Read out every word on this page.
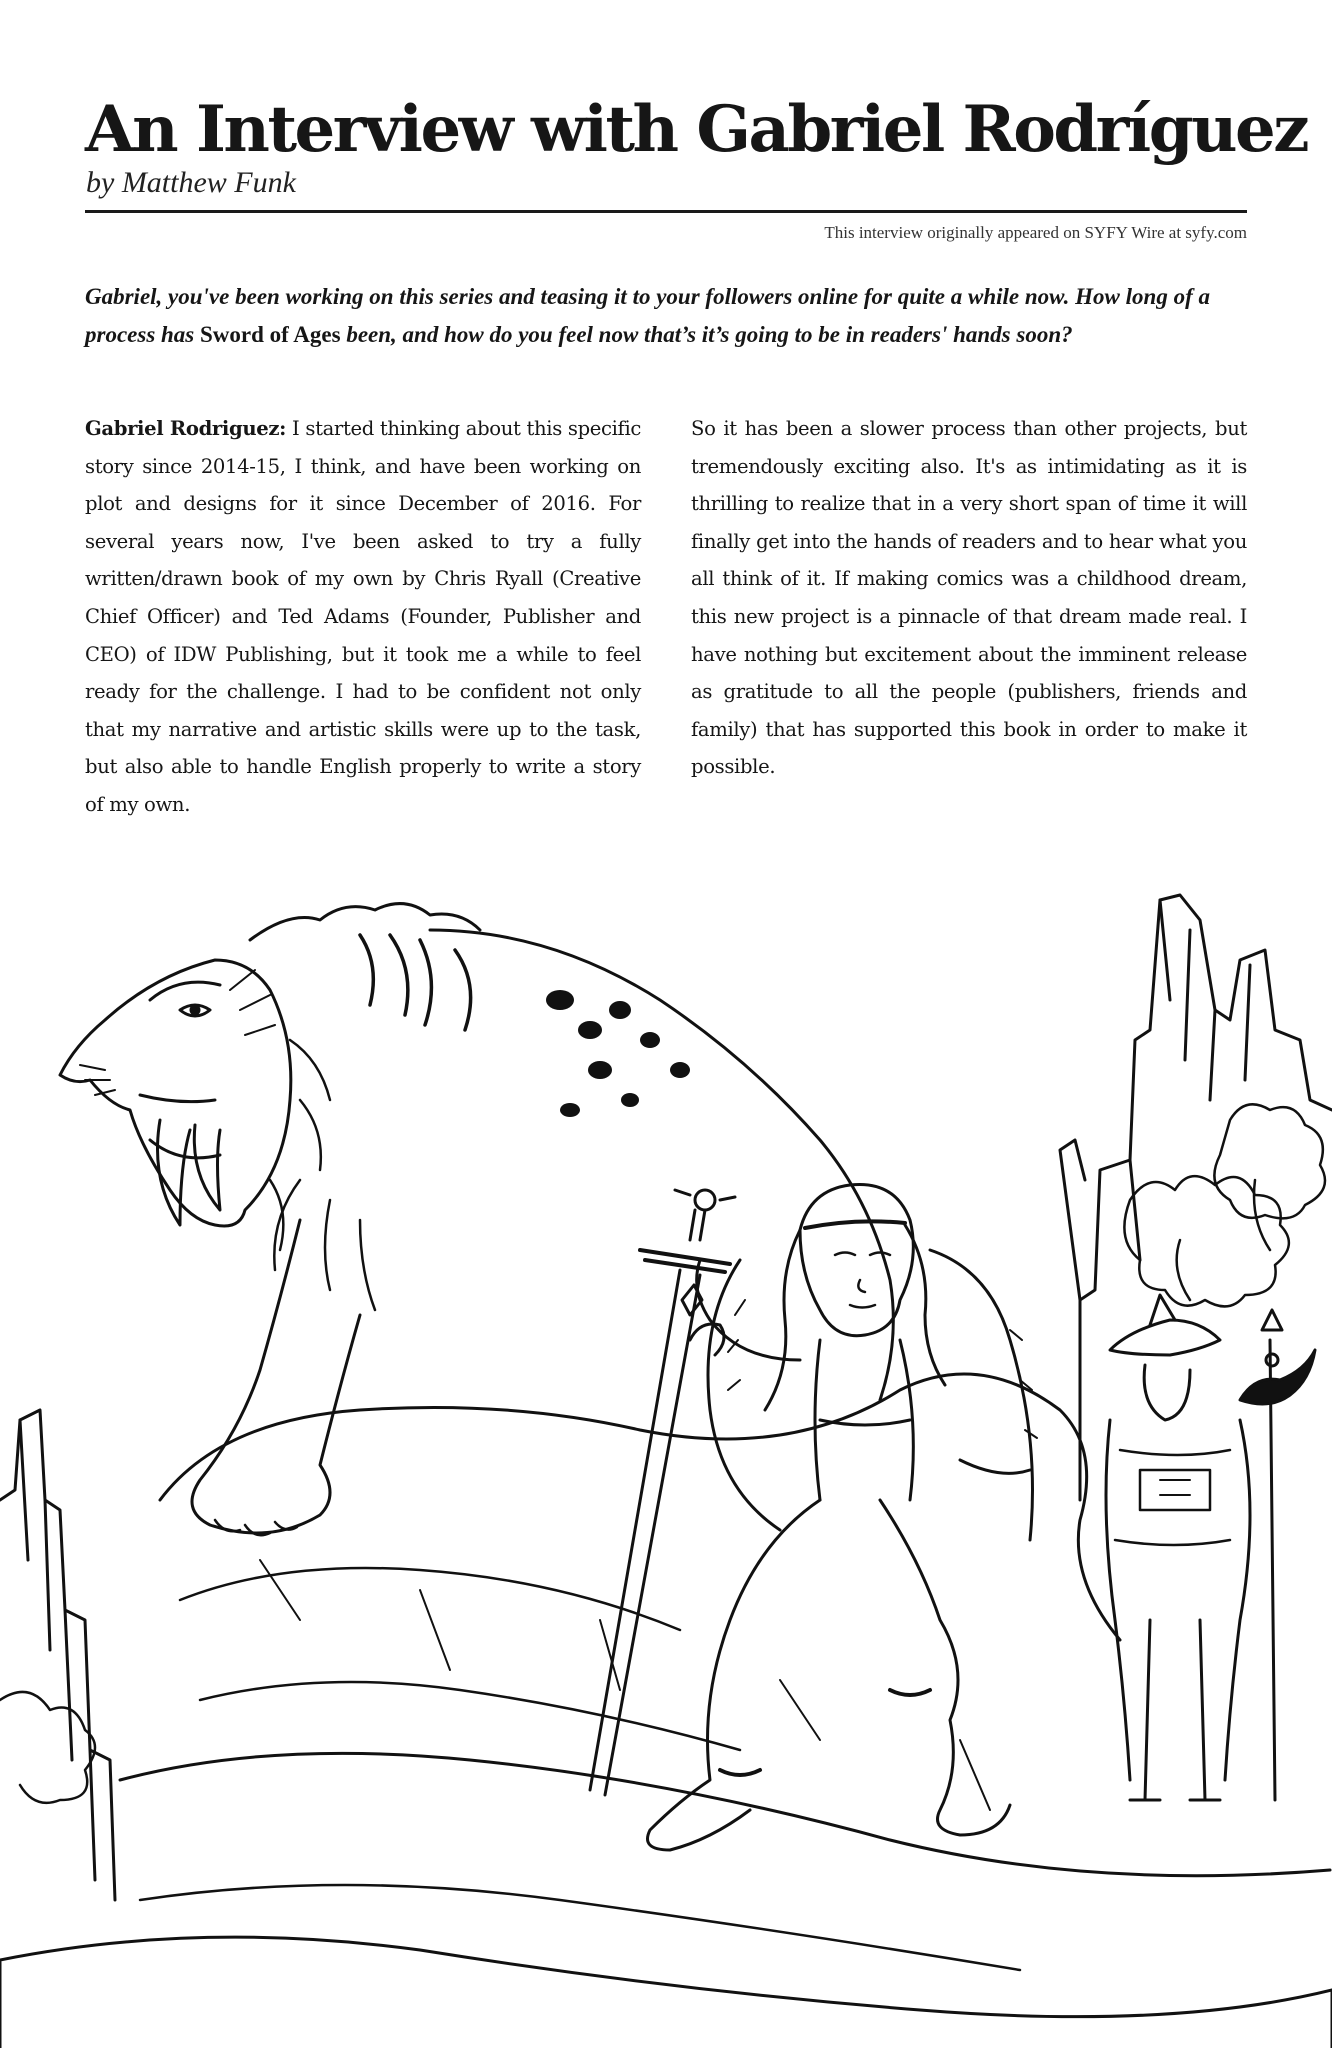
An Interview with Gabriel Rodríguez
by Matthew Funk
This interview originally appeared on SYFY Wire at syfy.com

Gabriel, you've been working on this series and teasing it to your followers online for quite a while now. How long of a process has Sword of Ages been, and how do you feel now that’s it’s going to be in readers' hands soon?

Gabriel Rodriguez: I started thinking about this specific story since 2014-15, I think, and have been working on plot and designs for it since December of 2016. For several years now, I've been asked to try a fully written/drawn book of my own by Chris Ryall (Creative Chief Officer) and Ted Adams (Founder, Publisher and CEO) of IDW Publishing, but it took me a while to feel ready for the challenge. I had to be confident not only that my narrative and artistic skills were up to the task, but also able to handle English properly to write a story of my own.

So it has been a slower process than other projects, but tremendously exciting also. It's as intimidating as it is thrilling to realize that in a very short span of time it will finally get into the hands of readers and to hear what you all think of it. If making comics was a childhood dream, this new project is a pinnacle of that dream made real. I have nothing but excitement about the imminent release as gratitude to all the people (publishers, friends and family) that has supported this book in order to make it possible.
